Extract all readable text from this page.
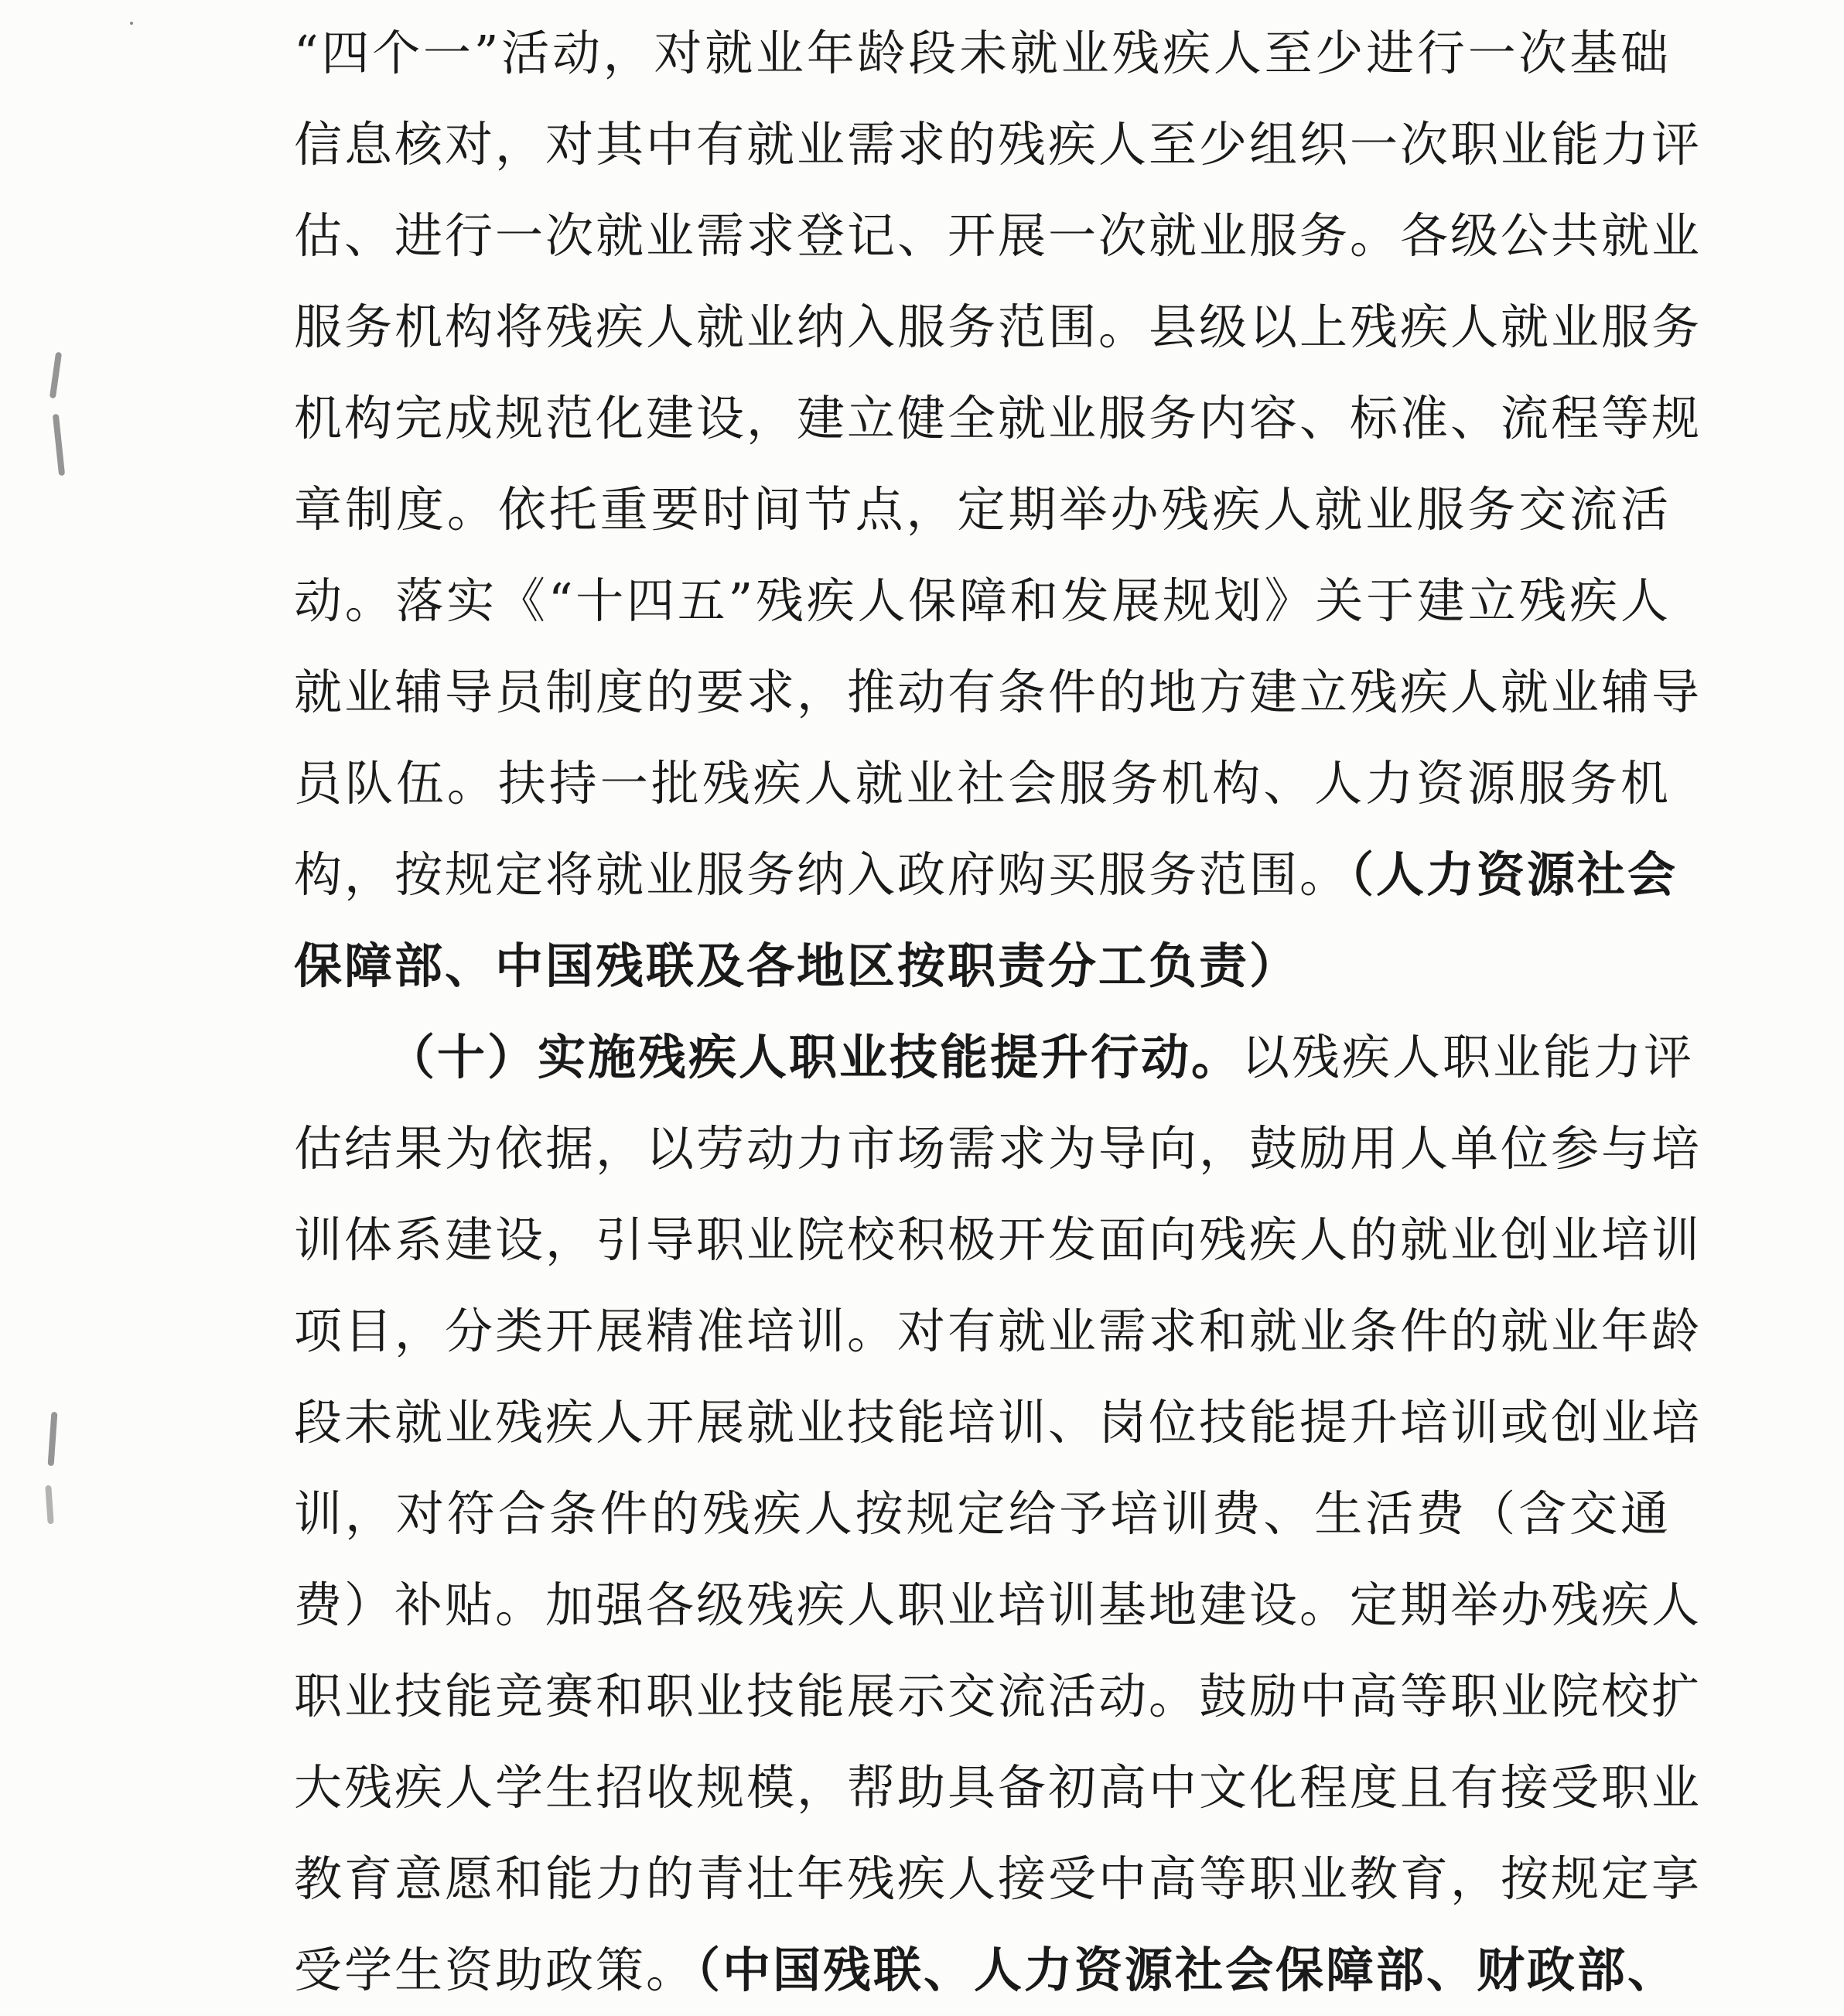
“四个一”活动，对就业年龄段未就业残疾人至少进行一次基础
信息核对，对其中有就业需求的残疾人至少组织一次职业能力评
估、进行一次就业需求登记、开展一次就业服务。各级公共就业
服务机构将残疾人就业纳入服务范围。县级以上残疾人就业服务
机构完成规范化建设，建立健全就业服务内容、标准、流程等规
章制度。依托重要时间节点，定期举办残疾人就业服务交流活
动。落实《“十四五”残疾人保障和发展规划》关于建立残疾人
就业辅导员制度的要求，推动有条件的地方建立残疾人就业辅导
员队伍。扶持一批残疾人就业社会服务机构、人力资源服务机
构，按规定将就业服务纳入政府购买服务范围。（人力资源社会
保障部、中国残联及各地区按职责分工负责）
（十）实施残疾人职业技能提升行动。以残疾人职业能力评
估结果为依据，以劳动力市场需求为导向，鼓励用人单位参与培
训体系建设，引导职业院校积极开发面向残疾人的就业创业培训
项目，分类开展精准培训。对有就业需求和就业条件的就业年龄
段未就业残疾人开展就业技能培训、岗位技能提升培训或创业培
训，对符合条件的残疾人按规定给予培训费、生活费（含交通
费）补贴。加强各级残疾人职业培训基地建设。定期举办残疾人
职业技能竞赛和职业技能展示交流活动。鼓励中高等职业院校扩
大残疾人学生招收规模，帮助具备初高中文化程度且有接受职业
教育意愿和能力的青壮年残疾人接受中高等职业教育，按规定享
受学生资助政策。（中国残联、人力资源社会保障部、财政部、
